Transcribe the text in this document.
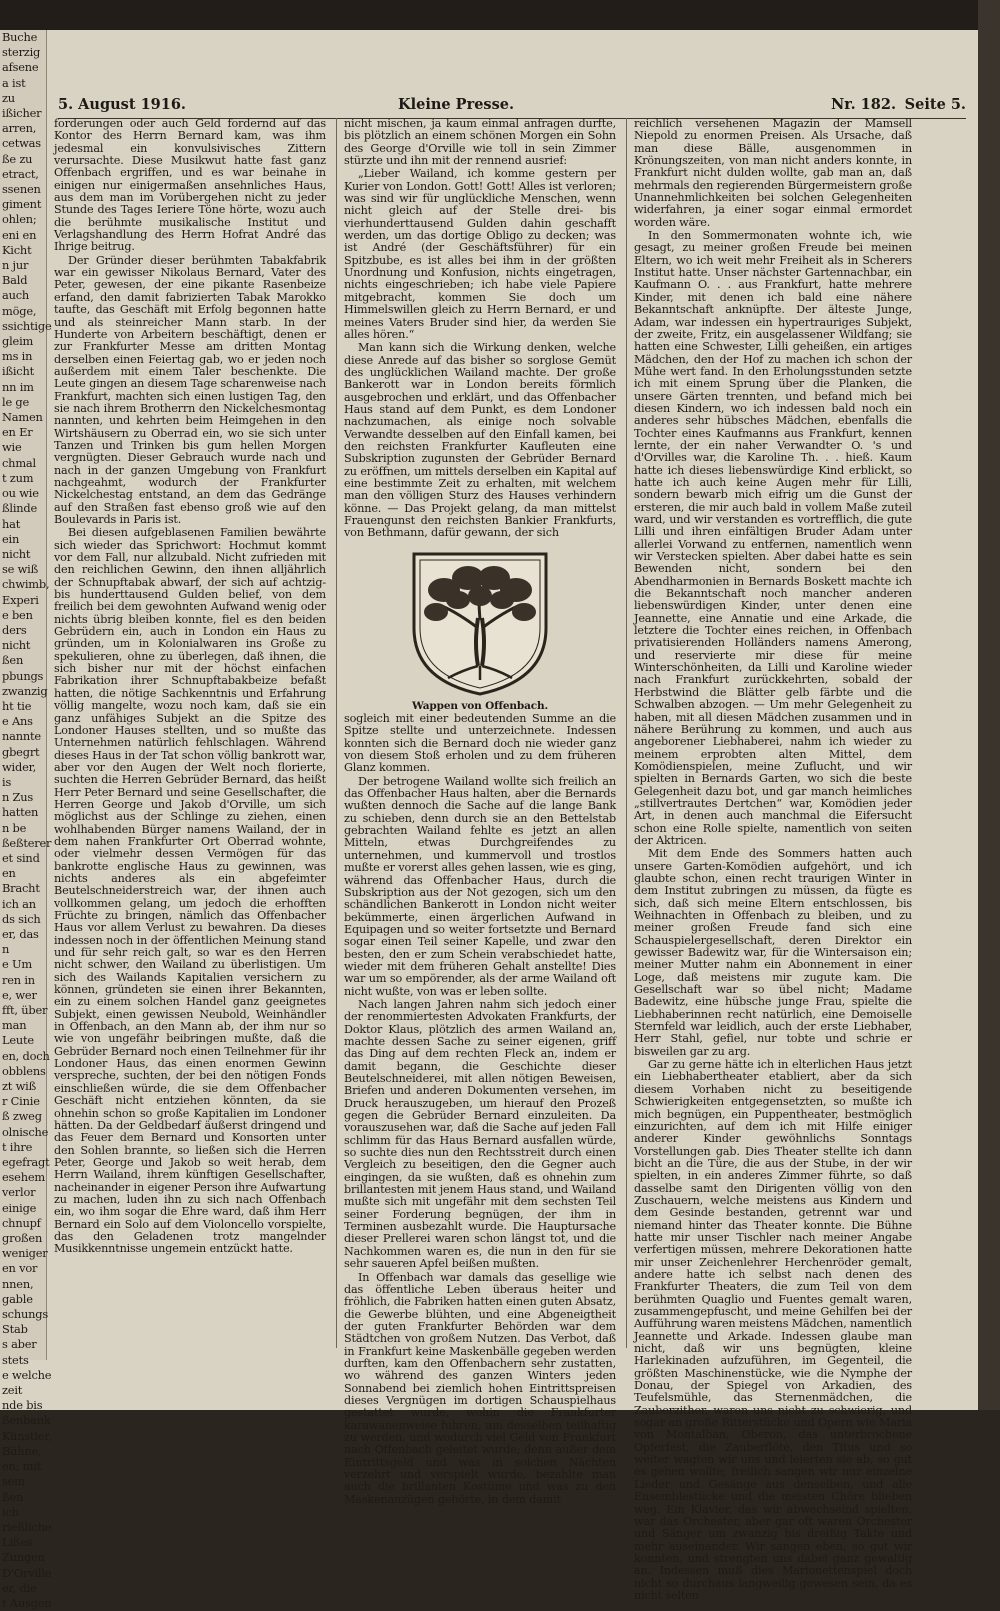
Buche

sterzig

afsene

a ist

zu

ißicher

arren,

cetwas

ße zu

etract,

ssenen

giment

ohlen;

eni en

Kicht

n jur

Bald

auch

möge,

ssichtige

gleim

ms in

ißicht

nn im

le ge

Namen

en Er

wie

chmal

t zum

ou wie

ßlinde

hat

ein

nicht

se wiß

chwimb,

Experi

e ben

ders

nicht

ßen

pbungs

zwanzig

ht tie

e Ans

nannte

gbegrt

wider,

is

n Zus

hatten

n be

ßeßterer

et sind

en

Bracht

ich an

ds sich

er, das

n

e Um

ren in

e, wer

fft, über

man

Leute

en, doch

obblens

zt wiß

r Cinie

ß zweg

olnische

t ihre

egefragt

esehem

verlor

einige

chnupf

großen

weniger

en vor

nnen,

gable

schungs

Stab

s aber

stets

e welche

zeit

nde bis

ßenbank

Künstler,

Bühne,

en; mit

sem

ßen

ich

rießliche

Lißes

Zungen

D'Orville

er, die

t Ausgen

5. August 1916.	Kleine Presse.	Nr. 182. Seite 5.

forderungen oder auch Geld fordernd auf das Kontor des Herrn Bernard kam, was ihm jedesmal ein konvulsivisches Zittern verursachte. Diese Musikwut hatte fast ganz Offenbach ergriffen, und es war beinahe in einigen nur einigermaßen ansehnliches Haus, aus dem man im Vorübergehen nicht zu jeder Stunde des Tages Ieriere Töne hörte, wozu auch die berühmte musikalische Institut und Verlagshandlung des Herrn Hofrat André das Ihrige beitrug.

Der Gründer dieser berühmten Tabakfabrik war ein gewisser Nikolaus Bernard, Vater des Peter, gewesen, der eine pikante Rasenbeize erfand, den damit fabrizierten Tabak Marokko taufte, das Geschäft mit Erfolg begonnen hatte und als steinreicher Mann starb. In der Hunderte von Arbeitern beschäftigt, denen er zur Frankfurter Messe am dritten Montag derselben einen Feiertag gab, wo er jeden noch außerdem mit einem Taler beschenkte. Die Leute gingen an diesem Tage scharenweise nach Frankfurt, machten sich einen lustigen Tag, den sie nach ihrem Brotherrn den Nickelchesmontag nannten, und kehrten beim Heimgehen in den Wirtshäusern zu Oberrad ein, wo sie sich unter Tanzen und Trinken bis gum hellen Morgen vergnügten. Dieser Gebrauch wurde nach und nach in der ganzen Umgebung von Frankfurt nachgeahmt, wodurch der Frankfurter Nickelchestag entstand, an dem das Gedränge auf den Straßen fast ebenso groß wie auf den Boulevards in Paris ist.

Bei diesen aufgeblasenen Familien bewährte sich wieder das Sprichwort: Hochmut kommt vor dem Fall, nur allzubald. Nicht zufrieden mit den reichlichen Gewinn, den ihnen alljährlich der Schnupftabak abwarf, der sich auf achtzig- bis hunderttausend Gulden belief, von dem freilich bei dem gewohnten Aufwand wenig oder nichts übrig bleiben konnte, fiel es den beiden Gebrüdern ein, auch in London ein Haus zu gründen, um in Kolonialwaren ins Große zu spekulieren, ohne zu überlegen, daß ihnen, die sich bisher nur mit der höchst einfachen Fabrikation ihrer Schnupftabakbeize befaßt hatten, die nötige Sachkenntnis und Erfahrung völlig mangelte, wozu noch kam, daß sie ein ganz unfähiges Subjekt an die Spitze des Londoner Hauses stellten, und so mußte das Unternehmen natürlich fehlschlagen. Während dieses Haus in der Tat schon völlig bankrott war, aber vor den Augen der Welt noch florierte, suchten die Herren Gebrüder Bernard, das heißt Herr Peter Bernard und seine Gesellschafter, die Herren George und Jakob d'Orville, um sich möglichst aus der Schlinge zu ziehen, einen wohlhabenden Bürger namens Wailand, der in dem nahen Frankfurter Ort Oberrad wohnte, oder vielmehr dessen Vermögen für das bankrotte englische Haus zu gewinnen, was nichts anderes als ein abgefeimter Beutelschneiderstreich war, der ihnen auch vollkommen gelang, um jedoch die erhofften Früchte zu bringen, nämlich das Offenbacher Haus vor allem Verlust zu bewahren. Da dieses indessen noch in der öffentlichen Meinung stand und für sehr reich galt, so war es den Herren nicht schwer, den Wailand zu überlistigen. Um sich des Wailands Kapitalien versichern zu können, gründeten sie einen ihrer Bekannten, ein zu einem solchen Handel ganz geeignetes Subjekt, einen gewissen Neubold, Weinhändler in Offenbach, an den Mann ab, der ihm nur so wie von ungefähr beibringen mußte, daß die Gebrüder Bernard noch einen Teilnehmer für ihr Londoner Haus, das einen enormen Gewinn verspreche, suchten, der bei den nötigen Fonds einschließen würde, die sie dem Offenbacher Geschäft nicht entziehen könnten, da sie ohnehin schon so große Kapitalien im Londoner hätten. Da der Geldbedarf äußerst dringend und das Feuer dem Bernard und Konsorten unter den Sohlen brannte, so ließen sich die Herren Peter, George und Jakob so weit herab, dem Herrn Wailand, ihrem künftigen Gesellschafter, nacheinander in eigener Person ihre Aufwartung zu machen, luden ihn zu sich nach Offenbach ein, wo ihm sogar die Ehre ward, daß ihm Herr Bernard ein Solo auf dem Violoncello vorspielte, das den Geladenen trotz mangelnder Musikkenntnisse ungemein entzückt hatte.

nicht mischen, ja kaum einmal anfragen durfte, bis plötzlich an einem schönen Morgen ein Sohn des George d'Orville wie toll in sein Zimmer stürzte und ihn mit der rennend ausrief:

„Lieber Wailand, ich komme gestern per Kurier von London. Gott! Gott! Alles ist verloren; was sind wir für unglückliche Menschen, wenn nicht gleich auf der Stelle drei- bis vierhunderttausend Gulden dahin geschafft werden, um das dortige Obligo zu decken; was ist André (der Geschäftsführer) für ein Spitzbube, es ist alles bei ihm in der größten Unordnung und Konfusion, nichts eingetragen, nichts eingeschrieben; ich habe viele Papiere mitgebracht, kommen Sie doch um Himmelswillen gleich zu Herrn Bernard, er und meines Vaters Bruder sind hier, da werden Sie alles hören.“

Man kann sich die Wirkung denken, welche diese Anrede auf das bisher so sorglose Gemüt des unglücklichen Wailand machte. Der große Bankerott war in London bereits förmlich ausgebrochen und erklärt, und das Offenbacher Haus stand auf dem Punkt, es dem Londoner nachzumachen, als einige noch solvable Verwandte desselben auf den Einfall kamen, bei den reichsten Frankfurter Kaufleuten eine Subskription zugunsten der Gebrüder Bernard zu eröffnen, um mittels derselben ein Kapital auf eine bestimmte Zeit zu erhalten, mit welchem man den völligen Sturz des Hauses verhindern könne. — Das Projekt gelang, da man mittelst Frauengunst den reichsten Bankier Frankfurts, von Bethmann, dafür gewann, der sich

Wappen von Offenbach.

sogleich mit einer bedeutenden Summe an die Spitze stellte und unterzeichnete. Indessen konnten sich die Bernard doch nie wieder ganz von diesem Stoß erholen und zu dem früheren Glanz kommen.

Der betrogene Wailand wollte sich freilich an das Offenbacher Haus halten, aber die Bernards wußten dennoch die Sache auf die lange Bank zu schieben, denn durch sie an den Bettelstab gebrachten Wailand fehlte es jetzt an allen Mitteln, etwas Durchgreifendes zu unternehmen, und kummervoll und trostlos mußte er vorerst alles gehen lassen, wie es ging, während das Offenbacher Haus, durch die Subskription aus der Not gezogen, sich um den schändlichen Bankerott in London nicht weiter bekümmerte, einen ärgerlichen Aufwand in Equipagen und so weiter fortsetzte und Bernard sogar einen Teil seiner Kapelle, und zwar den besten, den er zum Schein verabschiedet hatte, wieder mit dem früheren Gehalt anstellte! Dies war um so empörender, als der arme Wailand oft nicht wußte, von was er leben sollte.

Nach langen Jahren nahm sich jedoch einer der renommiertesten Advokaten Frankfurts, der Doktor Klaus, plötzlich des armen Wailand an, machte dessen Sache zu seiner eigenen, griff das Ding auf dem rechten Fleck an, indem er damit begann, die Geschichte dieser Beutelschneiderei, mit allen nötigen Beweisen, Briefen und anderen Dokumenten versehen, im Druck herauszugeben, um hierauf den Prozeß gegen die Gebrüder Bernard einzuleiten. Da vorauszusehen war, daß die Sache auf jeden Fall schlimm für das Haus Bernard ausfallen würde, so suchte dies nun den Rechtsstreit durch einen Vergleich zu beseitigen, den die Gegner auch eingingen, da sie wußten, daß es ohnehin zum brillantesten mit jenem Haus stand, und Wailand mußte sich mit ungefähr mit dem sechsten Teil seiner Forderung begnügen, der ihm in Terminen ausbezahlt wurde. Die Hauptursache dieser Prellerei waren schon längst tot, und die Nachkommen waren es, die nun in den für sie sehr saueren Apfel beißen mußten.

In Offenbach war damals das gesellige wie das öffentliche Leben überaus heiter und fröhlich, die Fabriken hatten einen guten Absatz, die Gewerbe blühten, und eine Abgeneigtheit der guten Frankfurter Behörden war dem Städtchen von großem Nutzen. Das Verbot, daß in Frankfurt keine Maskenbälle gegeben werden durften, kam den Offenbachern sehr zustatten, wo während des ganzen Winters jeden Sonnabend bei ziemlich hohen Eintrittspreisen dieses Vergnügen im dortigen Schauspielhaus gestattet wurde, wohin die Frankfurter karawanenweise fuhren, um desselben teilhaftig zu werden, und wodurch viel Geld von Frankfurt nach Offenbach geleitet wurde; denn außer dem Eintrittsgeld und was in solchen Nächten verzehrt und verspielt wurde, bezahlte man auch die brillanten Kostüme und was zu den Maskenanzügen gehörte, in dem damit

reichlich versehenen Magazin der Mamsell Niepold zu enormen Preisen. Als Ursache, daß man diese Bälle, ausgenommen in Krönungszeiten, von man nicht anders konnte, in Frankfurt nicht dulden wollte, gab man an, daß mehrmals den regierenden Bürgermeistern große Unannehmlichkeiten bei solchen Gelegenheiten widerfahren, ja einer sogar einmal ermordet worden wäre.

In den Sommermonaten wohnte ich, wie gesagt, zu meiner großen Freude bei meinen Eltern, wo ich weit mehr Freiheit als in Scherers Institut hatte. Unser nächster Gartennachbar, ein Kaufmann O. . . aus Frankfurt, hatte mehrere Kinder, mit denen ich bald eine nähere Bekanntschaft anknüpfte. Der älteste Junge, Adam, war indessen ein hypertrauriges Subjekt, der zweite, Fritz, ein ausgelassener Wildfang; sie hatten eine Schwester, Lilli geheißen, ein artiges Mädchen, den der Hof zu machen ich schon der Mühe wert fand. In den Erholungsstunden setzte ich mit einem Sprung über die Planken, die unsere Gärten trennten, und befand mich bei diesen Kindern, wo ich indessen bald noch ein anderes sehr hübsches Mädchen, ebenfalls die Tochter eines Kaufmanns aus Frankfurt, kennen lernte, der ein naher Verwandter O. 's und d'Orvilles war, die Karoline Th. . . hieß. Kaum hatte ich dieses liebenswürdige Kind erblickt, so hatte ich auch keine Augen mehr für Lilli, sondern bewarb mich eifrig um die Gunst der ersteren, die mir auch bald in vollem Maße zuteil ward, und wir verstanden es vortrefflich, die gute Lilli und ihren einfältigen Bruder Adam unter allerlei Vorwand zu entfernen, namentlich wenn wir Verstecken spielten. Aber dabei hatte es sein Bewenden nicht, sondern bei den Abendharmonien in Bernards Boskett machte ich die Bekanntschaft noch mancher anderen liebenswürdigen Kinder, unter denen eine Jeannette, eine Annatie und eine Arkade, die letztere die Tochter eines reichen, in Offenbach privatisierenden Holländers namens Amerong, und reservierte mir diese für meine Winterschönheiten, da Lilli und Karoline wieder nach Frankfurt zurückkehrten, sobald der Herbstwind die Blätter gelb färbte und die Schwalben abzogen. — Um mehr Gelegenheit zu haben, mit all diesen Mädchen zusammen und in nähere Berührung zu kommen, und auch aus angeborener Liebhaberei, nahm ich wieder zu meinem erprobten alten Mittel, dem Komödienspielen, meine Zuflucht, und wir spielten in Bernards Garten, wo sich die beste Gelegenheit dazu bot, und gar manch heimliches „stillvertrautes Dertchen“ war, Komödien jeder Art, in denen auch manchmal die Eifersucht schon eine Rolle spielte, namentlich von seiten der Aktricen.

Mit dem Ende des Sommers hatten auch unsere Garten-Komödien aufgehört, und ich glaubte schon, einen recht traurigen Winter in dem Institut zubringen zu müssen, da fügte es sich, daß sich meine Eltern entschlossen, bis Weihnachten in Offenbach zu bleiben, und zu meiner großen Freude fand sich eine Schauspielergesellschaft, deren Direktor ein gewisser Badewitz war, für die Wintersaison ein; meiner Mutter nahm ein Abonnement in einer Loge, daß meistens mir zugute kam. Die Gesellschaft war so übel nicht; Madame Badewitz, eine hübsche junge Frau, spielte die Liebhaberinnen recht natürlich, eine Demoiselle Sternfeld war leidlich, auch der erste Liebhaber, Herr Stahl, gefiel, nur tobte und schrie er bisweilen gar zu arg.

Gar zu gerne hätte ich in elterlichen Haus jetzt ein Liebhabertheater etabliert, aber da sich diesem Vorhaben nicht zu beseitigende Schwierigkeiten entgegensetzten, so mußte ich mich begnügen, ein Puppentheater, bestmöglich einzurichten, auf dem ich mit Hilfe einiger anderer Kinder gewöhnlichs Sonntags Vorstellungen gab. Dies Theater stellte ich dann bicht an die Türe, die aus der Stube, in der wir spielten, in ein anderes Zimmer führte, so daß dasselbe samt den Dirigenten völlig von den Zuschauern, welche meistens aus Kindern und dem Gesinde bestanden, getrennt war und niemand hinter das Theater konnte. Die Bühne hatte mir unser Tischler nach meiner Angabe verfertigen müssen, mehrere Dekorationen hatte mir unser Zeichenlehrer Herchenröder gemalt, andere hatte ich selbst nach denen des Frankfurter Theaters, die zum Teil von dem berühmten Quaglio und Fuentes gemalt waren, zusammengepfuscht, und meine Gehilfen bei der Aufführung waren meistens Mädchen, namentlich Jeannette und Arkade. Indessen glaube man nicht, daß wir uns begnügten, kleine Harlekinaden aufzuführen, im Gegenteil, die größten Maschinenstücke, wie die Nymphe der Donau, der Spiegel von Arkadien, des Teufelsmühle, das Sternenmädchen, die Zauberzither, waren uns nicht zu schwierig, und sogar an große Ritterstücke und Opern wie Maria von Montalban, Oberon, das unterbrochene Opferfest, die Zauberflöte, den Titus und so weiter wagten wir uns und leierten sie ab, so gut es gehen wollte; freilich sangen wir nur einzelne Lieder und Gesänge aus denselben, und alle Ensemblestücke und die meisten Chöre blieben weg. Ein Klavier, das wir abwechselnd spielten, war das Orchester, aber gar oft waren Orchester und Sänger um zwanzig bis dreißig Takte und mehr auseinander. Wir sangen eben, so gut wir konnten, und strengten uns dabei ganz gewaltig an. Indessen muß dies Marionettenspiel doch nicht so durchaus langweilig gewesen sein, da es nicht selten
